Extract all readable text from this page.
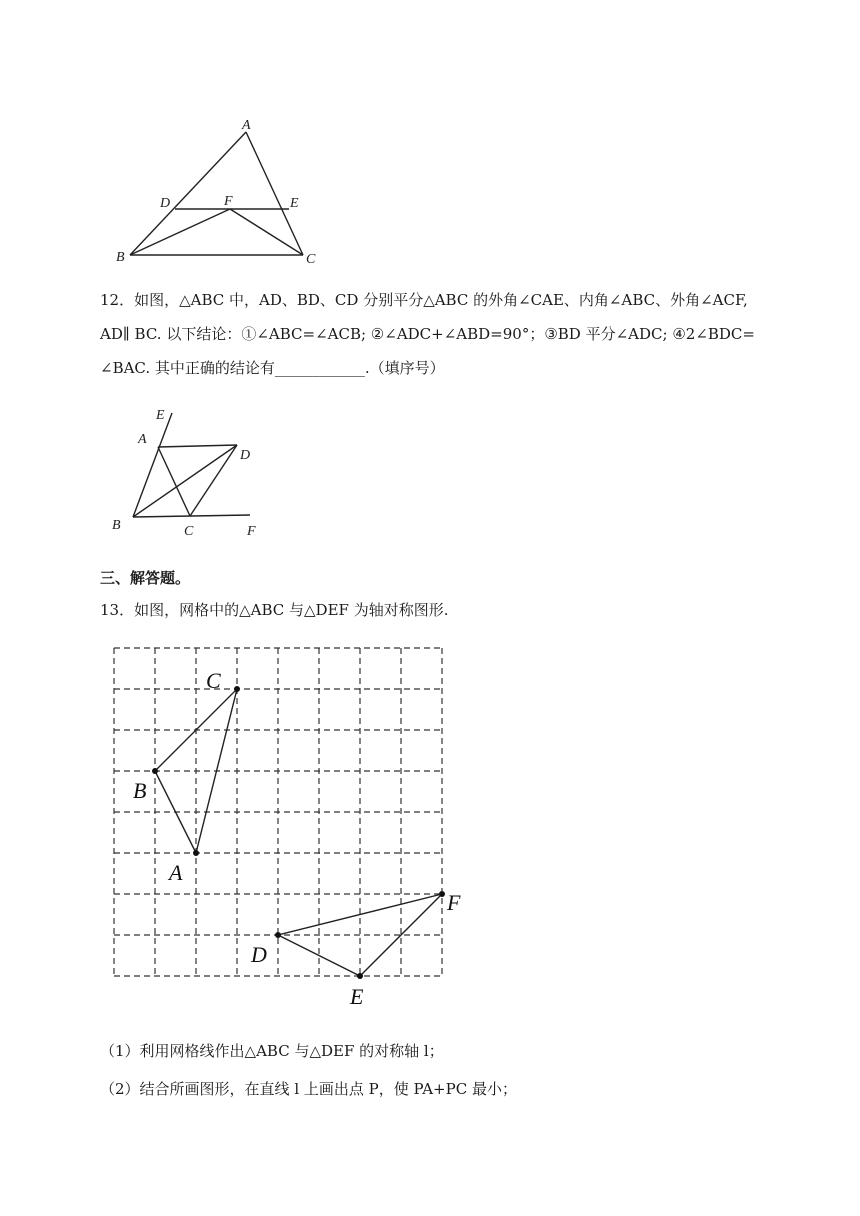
A
D	F	E
B	C
12．如图，△ABC 中，AD、BD、CD 分别平分△ABC 的外角∠CAE、内角∠ABC、外角∠ACF,
AD∥ BC. 以下结论：①∠ABC=∠ACB; ②∠ADC+∠ABD=90°；③BD 平分∠ADC; ④2∠BDC=
∠BAC. 其中正确的结论有____________.（填序号）
E
A
D
B	C	F
三、解答题。
13．如图，网格中的△ABC 与△DEF 为轴对称图形.
C
B
A
F
D
E
（1）利用网格线作出△ABC 与△DEF 的对称轴 l；
（2）结合所画图形，在直线 l 上画出点 P，使 PA+PC 最小；
